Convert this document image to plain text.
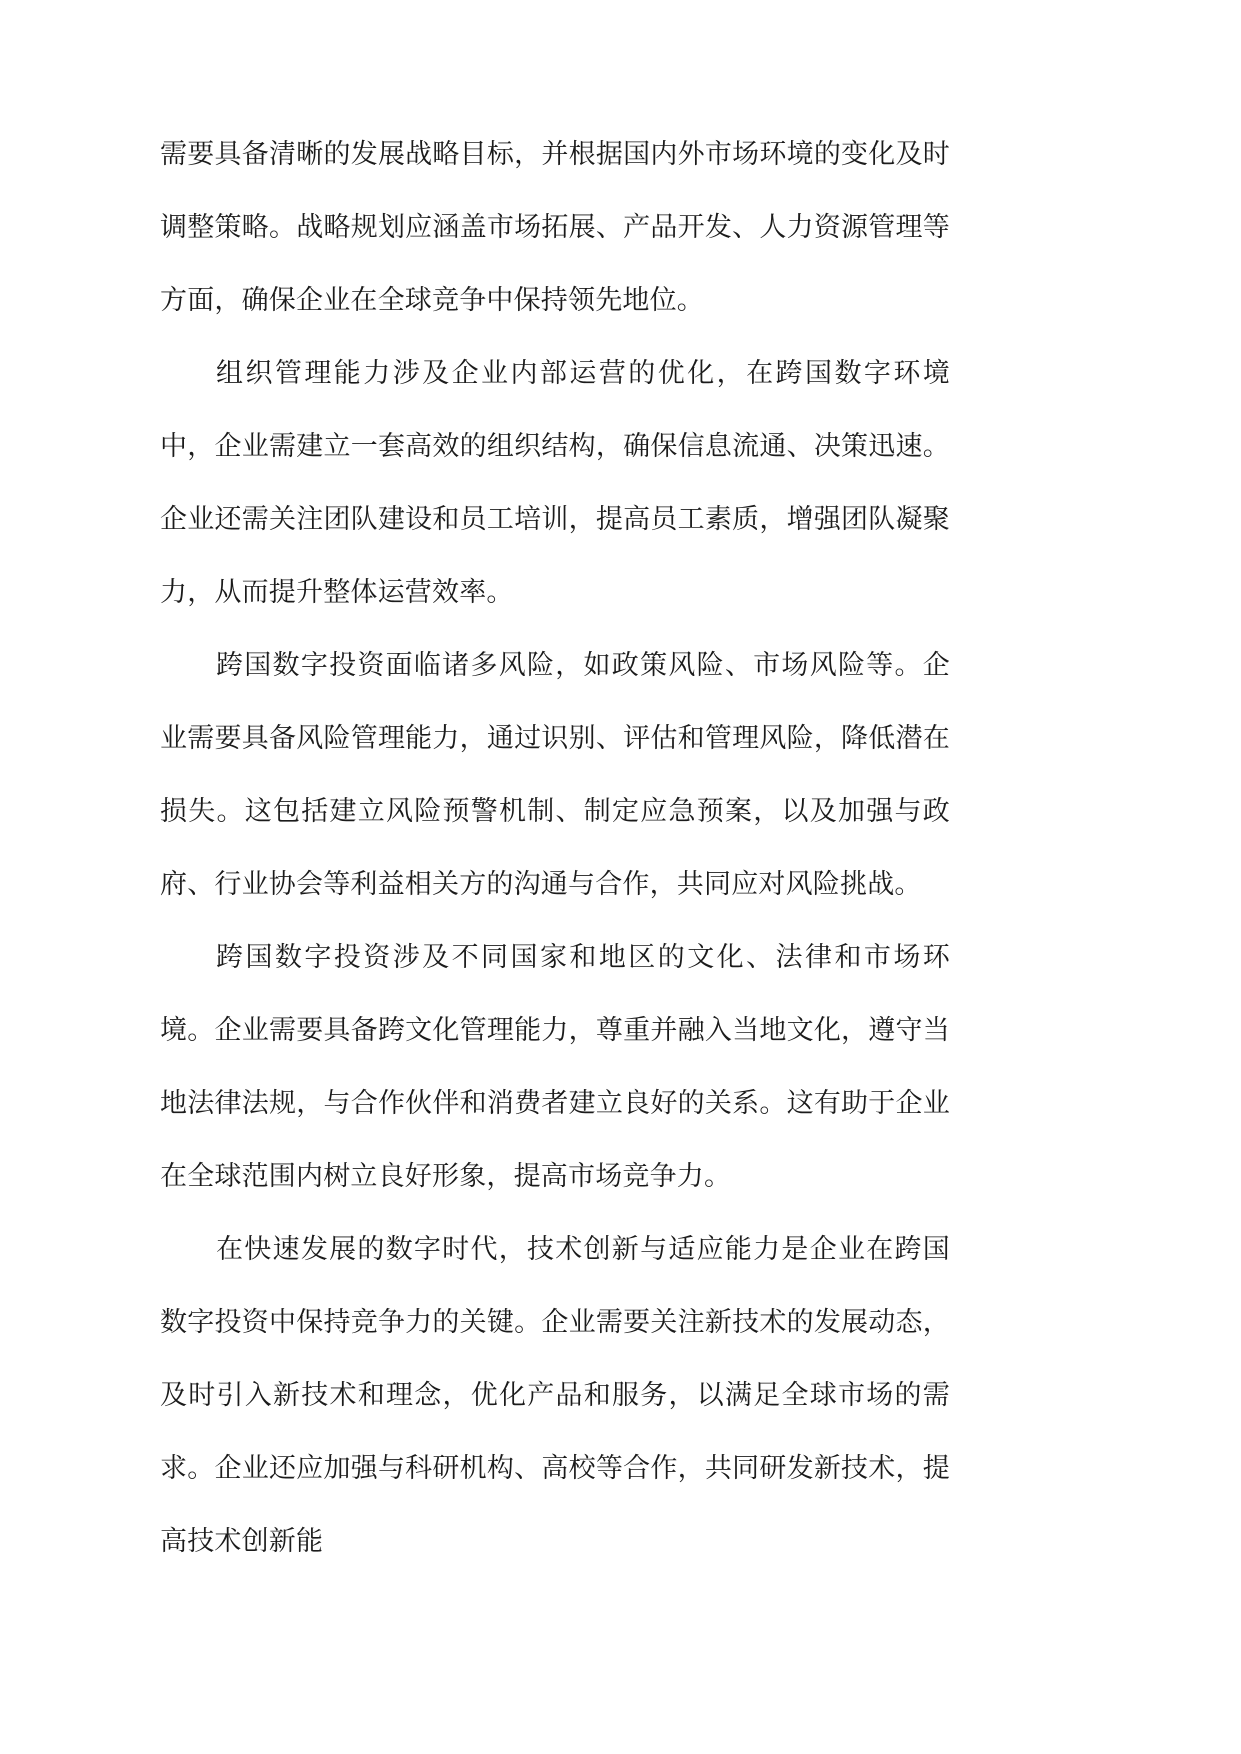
需要具备清晰的发展战略目标，并根据国内外市场环境的变化及时调整策略。战略规划应涵盖市场拓展、产品开发、人力资源管理等方面，确保企业在全球竞争中保持领先地位。

组织管理能力涉及企业内部运营的优化，在跨国数字环境中，企业需建立一套高效的组织结构，确保信息流通、决策迅速。企业还需关注团队建设和员工培训，提高员工素质，增强团队凝聚力，从而提升整体运营效率。

跨国数字投资面临诸多风险，如政策风险、市场风险等。企业需要具备风险管理能力，通过识别、评估和管理风险，降低潜在损失。这包括建立风险预警机制、制定应急预案，以及加强与政府、行业协会等利益相关方的沟通与合作，共同应对风险挑战。

跨国数字投资涉及不同国家和地区的文化、法律和市场环境。企业需要具备跨文化管理能力，尊重并融入当地文化，遵守当地法律法规，与合作伙伴和消费者建立良好的关系。这有助于企业在全球范围内树立良好形象，提高市场竞争力。

在快速发展的数字时代，技术创新与适应能力是企业在跨国数字投资中保持竞争力的关键。企业需要关注新技术的发展动态，及时引入新技术和理念，优化产品和服务，以满足全球市场的需求。企业还应加强与科研机构、高校等合作，共同研发新技术，提高技术创新能
